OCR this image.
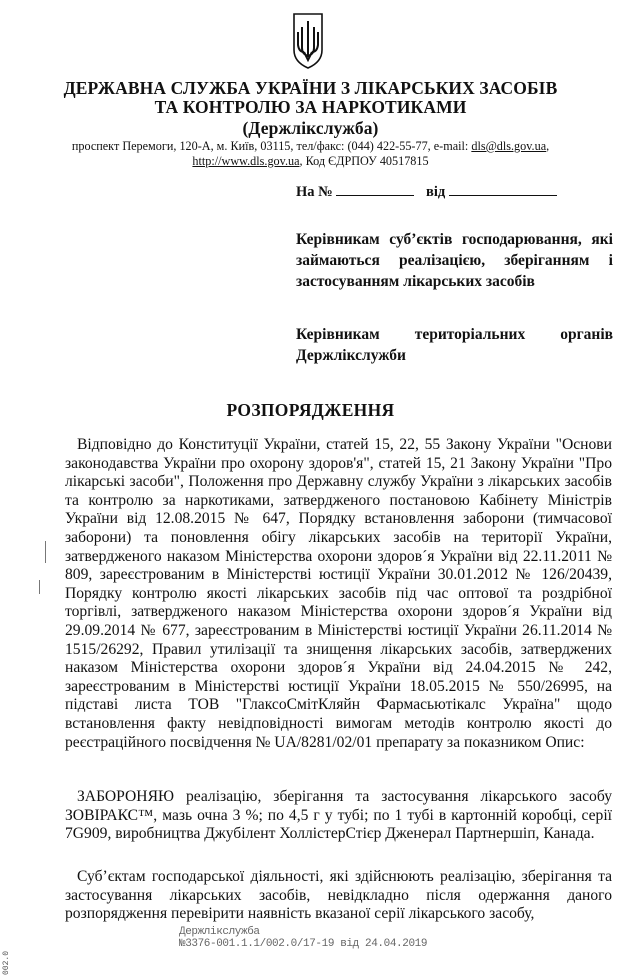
ДЕРЖАВНА СЛУЖБА УКРАЇНИ З ЛІКАРСЬКИХ ЗАСОБІВ
ТА КОНТРОЛЮ ЗА НАРКОТИКАМИ
(Держлікслужба)
проспект Перемоги, 120-А, м. Київ, 03115, тел/факс: (044) 422-55-77, e-mail: dls@dls.gov.ua,
http://www.dls.gov.ua, Код ЄДРПОУ 40517815
На №	від
Керівникам суб’єктів господарювання, які займаються реалізацією, зберіганням і застосуванням лікарських засобів
Керівникам територіальних органів Держлікслужби
РОЗПОРЯДЖЕННЯ
Відповідно до Конституції України, статей 15, 22, 55 Закону України "Основи законодавства України про охорону здоров'я", статей 15, 21 Закону України "Про лікарські засоби", Положення про Державну службу України з лікарських засобів та контролю за наркотиками, затвердженого постановою Кабінету Міністрів України від 12.08.2015 № 647, Порядку встановлення заборони (тимчасової заборони) та поновлення обігу лікарських засобів на території України, затвердженого наказом Міністерства охорони здоров´я України від 22.11.2011 № 809, зареєстрованим в Міністерстві юстиції України 30.01.2012 № 126/20439, Порядку контролю якості лікарських засобів під час оптової та роздрібної торгівлі, затвердженого наказом Міністерства охорони здоров´я України від 29.09.2014 № 677, зареєстрованим в Міністерстві юстиції України 26.11.2014 № 1515/26292, Правил утилізації та знищення лікарських засобів, затверджених наказом Міністерства охорони здоров´я України від 24.04.2015 № 242, зареєстрованим в Міністерстві юстиції України 18.05.2015 № 550/26995, на підставі листа ТОВ "ГлаксоСмітКляйн Фармасьютікалс Україна" щодо встановлення факту невідповідності вимогам методів контролю якості до реєстраційного посвідчення № UA/8281/02/01 препарату за показником Опис:
ЗАБОРОНЯЮ реалізацію, зберігання та застосування лікарського засобу ЗОВІРАКС™, мазь очна 3 %; по 4,5 г у тубі; по 1 тубі в картонній коробці, серії 7G909, виробництва Джубілент ХоллістерСтієр Дженерал Партнершіп, Канада.
Суб’єктам господарської діяльності, які здійснюють реалізацію, зберігання та застосування лікарських засобів, невідкладно після одержання даного розпорядження перевірити наявність вказаної серії лікарського засобу,
Держлікслужба
№3376-001.1.1/002.0/17-19 від 24.04.2019
002.0
